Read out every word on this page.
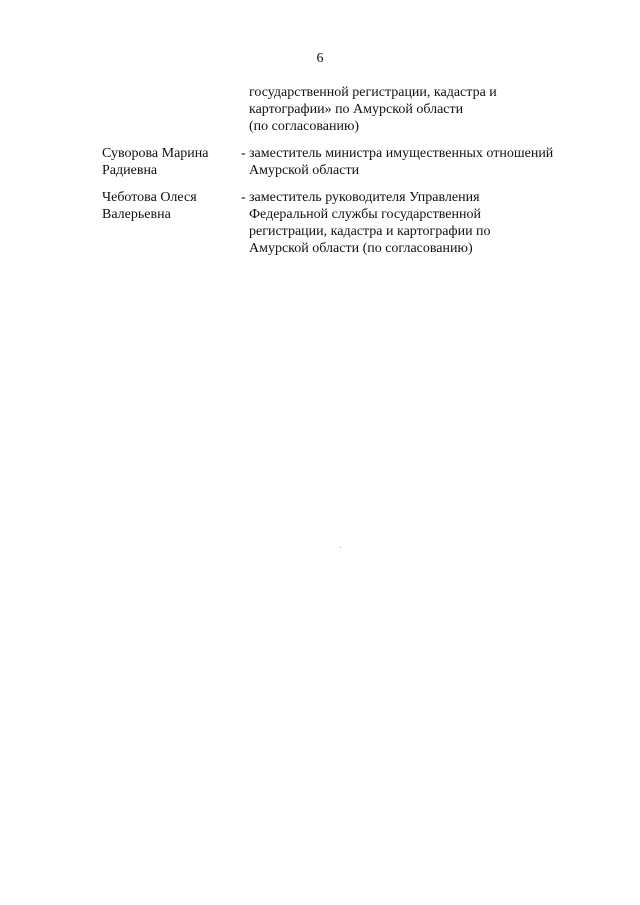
6
государственной регистрации, кадастра и
картографии» по Амурской области
(по согласованию)
Суворова Марина
Радиевна
- заместитель министра имущественных отношений
Амурской области
Чеботова Олеся
Валерьевна
- заместитель руководителя Управления
Федеральной службы государственной
регистрации, кадастра и картографии по
Амурской области (по согласованию)
